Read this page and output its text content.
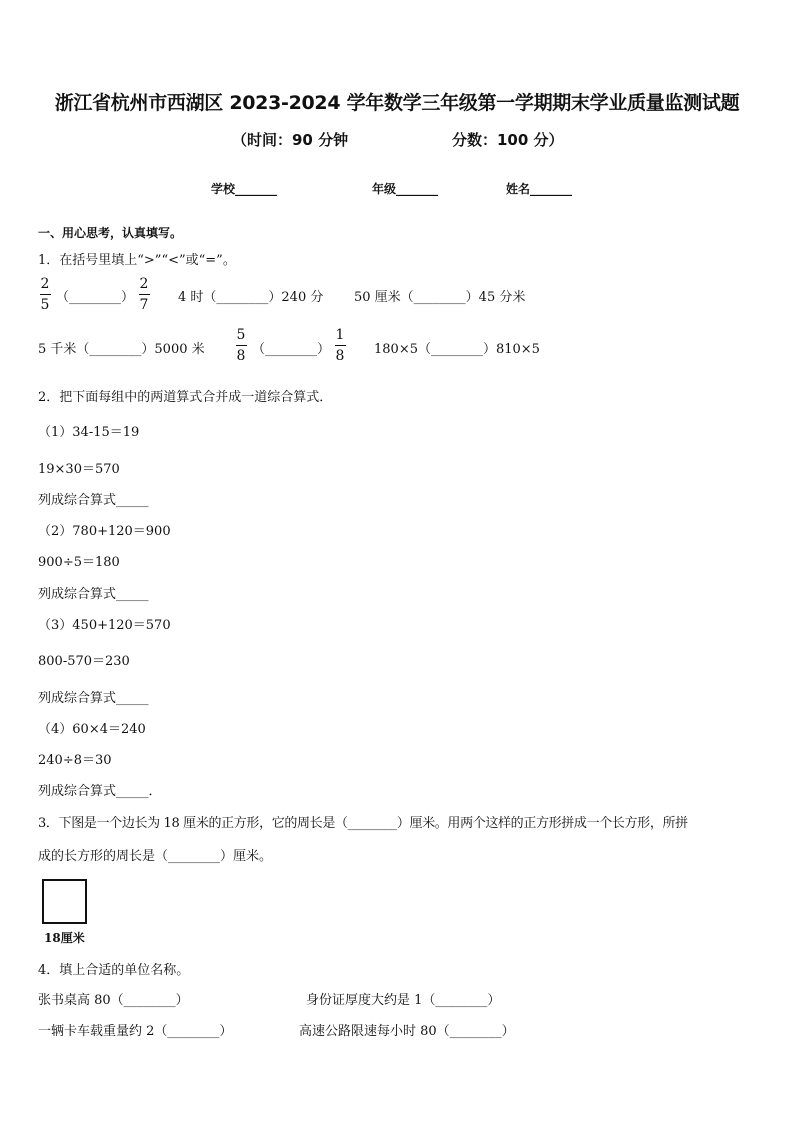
浙江省杭州市西湖区 2023-2024 学年数学三年级第一学期期末学业质量监测试题
（时间：90 分钟	分数：100 分）
学校_______	年级_______	姓名_______
一、用心思考，认真填写。
1．在括号里填上“>”“<”或“=”。
2
5 （________）
2
7 4 时（________）240 分 50 厘米（________）45 分米
5 千米（________）5000 米
5
8 （________）
1
8 180×5（________）810×5
2．把下面每组中的两道算式合并成一道综合算式．
（1）34-15＝19
19×30＝570
列成综合算式_____
（2）780+120＝900
900÷5＝180
列成综合算式_____
（3）450+120＝570
800-570＝230
列成综合算式_____
（4）60×4＝240
240÷8＝30
列成综合算式_____．
3．下图是一个边长为 18 厘米的正方形，它的周长是（________）厘米。用两个这样的正方形拼成一个长方形，所拼
成的长方形的周长是（________）厘米。
18厘米
4．填上合适的单位名称。
张书桌高 80（________）	身份证厚度大约是 1（________）
一辆卡车载重量约 2（________）	高速公路限速每小时 80（________）
